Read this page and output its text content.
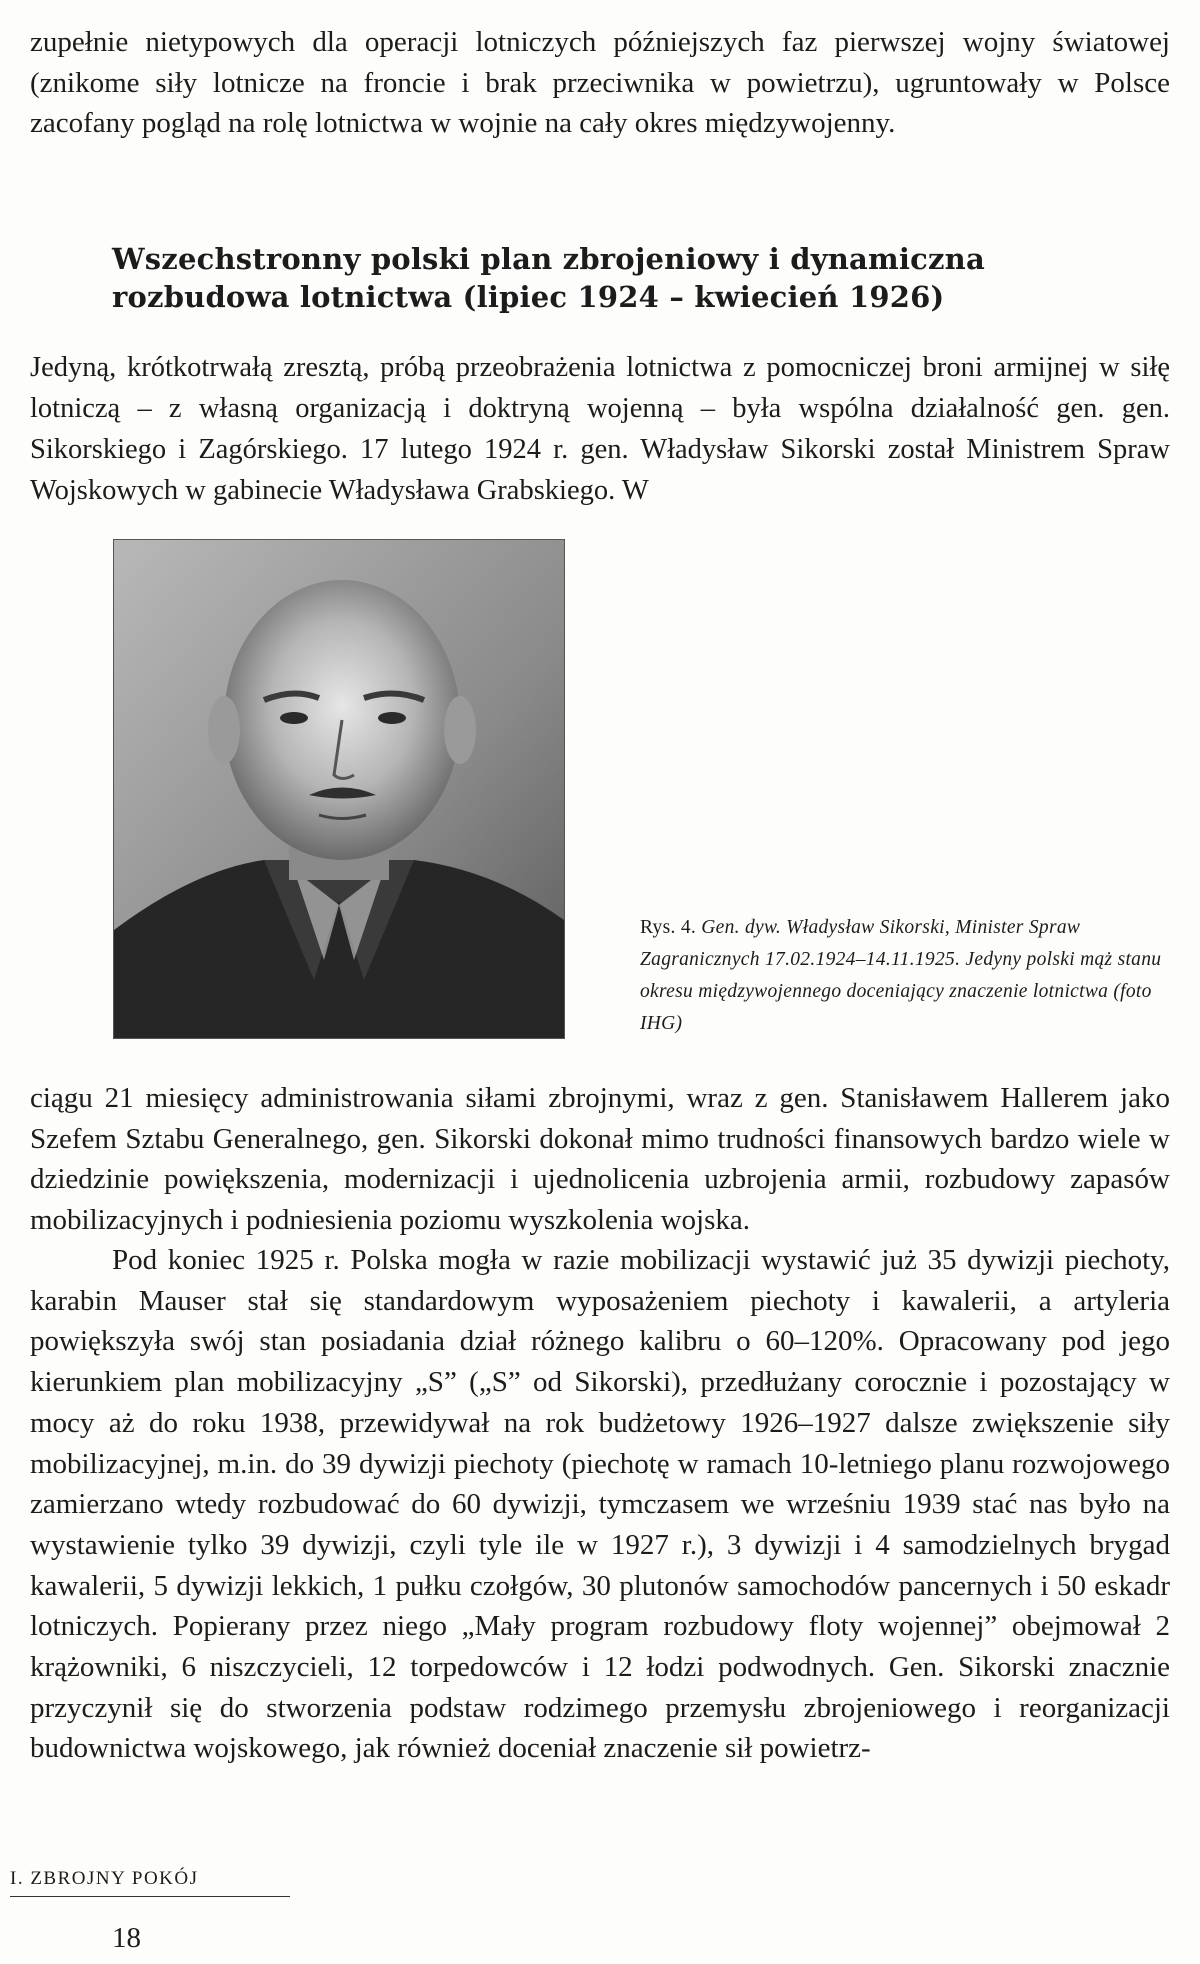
zupełnie nietypowych dla operacji lotniczych późniejszych faz pierwszej wojny światowej (znikome siły lotnicze na froncie i brak przeciwnika w powietrzu), ugruntowały w Polsce zacofany pogląd na rolę lotnictwa w wojnie na cały okres międzywojenny.

Wszechstronny polski plan zbrojeniowy i dynamiczna
rozbudowa lotnictwa (lipiec 1924 – kwiecień 1926)

Jedyną, krótkotrwałą zresztą, próbą przeobrażenia lotnictwa z pomocniczej broni armijnej w siłę lotniczą – z własną organizacją i doktryną wojenną – była wspólna działalność gen. gen. Sikorskiego i Zagórskiego. 17 lutego 1924 r. gen. Władysław Sikorski został Ministrem Spraw Wojskowych w gabinecie Władysława Grabskiego. W

Rys. 4. Gen. dyw. Władysław Sikorski, Minister Spraw Zagranicznych 17.02.1924–14.11.1925. Jedyny polski mąż stanu okresu międzywojennego doceniający znaczenie lotnictwa (foto IHG)

ciągu 21 miesięcy administrowania siłami zbrojnymi, wraz z gen. Stanisławem Hallerem jako Szefem Sztabu Generalnego, gen. Sikorski dokonał mimo trudności finansowych bardzo wiele w dziedzinie powiększenia, modernizacji i ujednolicenia uzbrojenia armii, rozbudowy zapasów mobilizacyjnych i podniesienia poziomu wyszkolenia wojska.

Pod koniec 1925 r. Polska mogła w razie mobilizacji wystawić już 35 dywizji piechoty, karabin Mauser stał się standardowym wyposażeniem piechoty i kawalerii, a artyleria powiększyła swój stan posiadania dział różnego kalibru o 60–120%. Opracowany pod jego kierunkiem plan mobilizacyjny „S” („S” od Sikorski), przedłużany corocznie i pozostający w mocy aż do roku 1938, przewidywał na rok budżetowy 1926–1927 dalsze zwiększenie siły mobilizacyjnej, m.in. do 39 dywizji piechoty (piechotę w ramach 10-letniego planu rozwojowego zamierzano wtedy rozbudować do 60 dywizji, tymczasem we wrześniu 1939 stać nas było na wystawienie tylko 39 dywizji, czyli tyle ile w 1927 r.), 3 dywizji i 4 samodzielnych brygad kawalerii, 5 dywizji lekkich, 1 pułku czołgów, 30 plutonów samochodów pancernych i 50 eskadr lotniczych. Popierany przez niego „Mały program rozbudowy floty wojennej” obejmował 2 krążowniki, 6 niszczycieli, 12 torpedowców i 12 łodzi podwodnych. Gen. Sikorski znacznie przyczynił się do stworzenia podstaw rodzimego przemysłu zbrojeniowego i reorganizacji budownictwa wojskowego, jak również doceniał znaczenie sił powietrz-

I. ZBROJNY POKÓJ

18
